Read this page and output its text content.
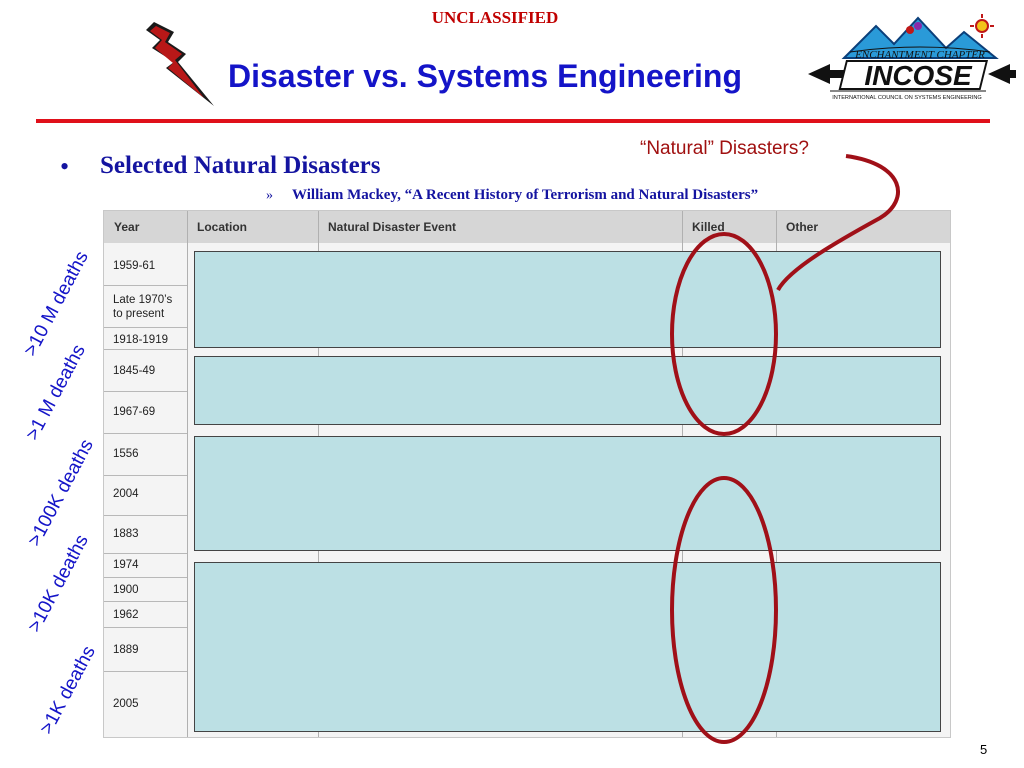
UNCLASSIFIED
Disaster vs. Systems Engineering
ENCHANTMENT CHAPTER
INCOSE
INTERNATIONAL COUNCIL ON SYSTEMS ENGINEERING
• Selected Natural Disasters
» William Mackey, “A Recent History of Terrorism and Natural Disasters”
“Natural” Disasters?
>10 M deaths
>1 M deaths
>100K deaths
>10K deaths
>1K deaths
Year	Location	Natural Disaster Event	Killed	Other
1959-61
Late 1970’s
to present
1918-1919
1845-49
1967-69
1556
2004
1883
1974
1900
1962
1889
2005
5
